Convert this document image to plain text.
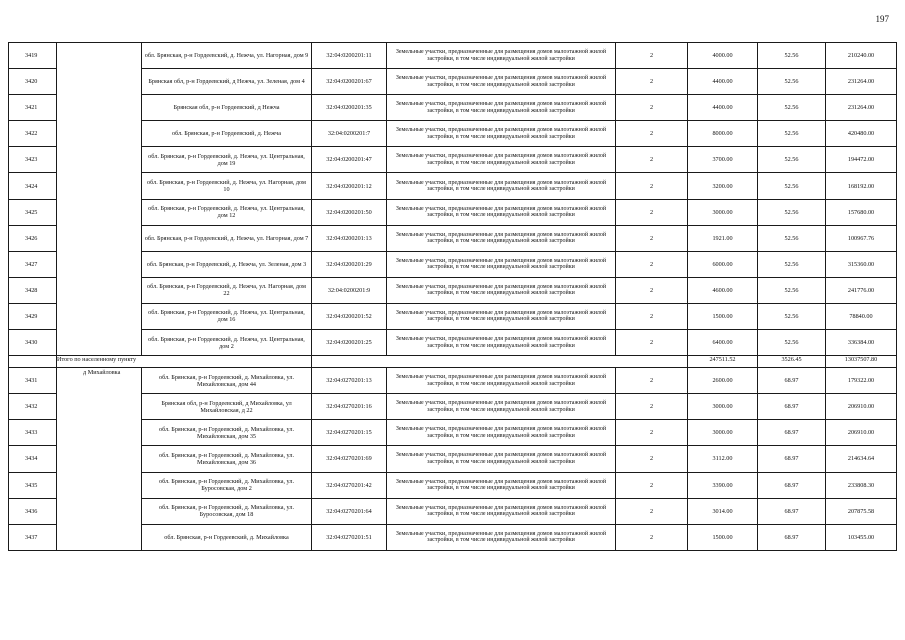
197
3419		обл. Брянская, р-н Гордеевский, д. Нежча, ул. Нагорная, дом 9	32:04:0200201:11	Земельные участки, предназначенные для размещения домов малоэтажной жилой застройки, в том числе индивидуальной жилой застройки	2	4000.00	52.56	210240.00
3420		Брянская обл, р-н Гордеевский, д Нежча, ул. Зеленая, дом 4	32:04:0200201:67	Земельные участки, предназначенные для размещения домов малоэтажной жилой застройки, в том числе индивидуальной жилой застройки	2	4400.00	52.56	231264.00
3421		Брянская обл, р-н Гордеевский, д Нежча	32:04:0200201:35	Земельные участки, предназначенные для размещения домов малоэтажной жилой застройки, в том числе индивидуальной жилой застройки	2	4400.00	52.56	231264.00
3422		обл. Брянская, р-н Гордеевский, д. Нежча	32:04:0200201:7	Земельные участки, предназначенные для размещения домов малоэтажной жилой застройки, в том числе индивидуальной жилой застройки	2	8000.00	52.56	420480.00
3423		обл. Брянская, р-н Гордеевский, д. Нежча, ул. Центральная, дом 19	32:04:0200201:47	Земельные участки, предназначенные для размещения домов малоэтажной жилой застройки, в том числе индивидуальной жилой застройки	2	3700.00	52.56	194472.00
3424		обл. Брянская, р-н Гордеевский, д. Нежча, ул. Нагорная, дом 10	32:04:0200201:12	Земельные участки, предназначенные для размещения домов малоэтажной жилой застройки, в том числе индивидуальной жилой застройки	2	3200.00	52.56	168192.00
3425		обл. Брянская, р-н Гордеевский, д. Нежча, ул. Центральная, дом 12	32:04:0200201:50	Земельные участки, предназначенные для размещения домов малоэтажной жилой застройки, в том числе индивидуальной жилой застройки	2	3000.00	52.56	157680.00
3426		обл. Брянская, р-н Гордеевский, д. Нежча, ул. Нагорная, дом 7	32:04:0200201:13	Земельные участки, предназначенные для размещения домов малоэтажной жилой застройки, в том числе индивидуальной жилой застройки	2	1921.00	52.56	100967.76
3427		обл. Брянская, р-н Гордеевский, д. Нежча, ул. Зеленая, дом 3	32:04:0200201:29	Земельные участки, предназначенные для размещения домов малоэтажной жилой застройки, в том числе индивидуальной жилой застройки	2	6000.00	52.56	315360.00
3428		обл. Брянская, р-н Гордеевский, д. Нежча, ул. Нагорная, дом 22	32:04:0200201:9	Земельные участки, предназначенные для размещения домов малоэтажной жилой застройки, в том числе индивидуальной жилой застройки	2	4600.00	52.56	241776.00
3429		обл. Брянская, р-н Гордеевский, д. Нежча, ул. Центральная, дом 16	32:04:0200201:52	Земельные участки, предназначенные для размещения домов малоэтажной жилой застройки, в том числе индивидуальной жилой застройки	2	1500.00	52.56	78840.00
3430		обл. Брянская, р-н Гордеевский, д. Нежча, ул. Центральная, дом 2	32:04:0200201:25	Земельные участки, предназначенные для размещения домов малоэтажной жилой застройки, в том числе индивидуальной жилой застройки	2	6400.00	52.56	336384.00
	Итого по населенному пункту					247511.52	3526.45	13037507.80
3431	д Михайловка	обл. Брянская, р-н Гордеевский, д. Михайловка, ул. Михайловская, дом 44	32:04:0270201:13	Земельные участки, предназначенные для размещения домов малоэтажной жилой застройки, в том числе индивидуальной жилой застройки	2	2600.00	68.97	179322.00
3432		Брянская обл, р-н Гордеевский, д Михайловка, ул Михайловская, д 22	32:04:0270201:16	Земельные участки, предназначенные для размещения домов малоэтажной жилой застройки, в том числе индивидуальной жилой застройки	2	3000.00	68.97	206910.00
3433		обл. Брянская, р-н Гордеевский, д. Михайловка, ул. Михайловская, дом 35	32:04:0270201:15	Земельные участки, предназначенные для размещения домов малоэтажной жилой застройки, в том числе индивидуальной жилой застройки	2	3000.00	68.97	206910.00
3434		обл. Брянская, р-н Гордеевский, д. Михайловка, ул. Михайловская, дом 36	32:04:0270201:69	Земельные участки, предназначенные для размещения домов малоэтажной жилой застройки, в том числе индивидуальной жилой застройки	2	3112.00	68.97	214634.64
3435		обл. Брянская, р-н Гордеевский, д. Михайловка, ул. Буросовская, дом 2	32:04:0270201:42	Земельные участки, предназначенные для размещения домов малоэтажной жилой застройки, в том числе индивидуальной жилой застройки	2	3390.00	68.97	233808.30
3436		обл. Брянская, р-н Гордеевский, д. Михайловка, ул. Буросовская, дом 18	32:04:0270201:64	Земельные участки, предназначенные для размещения домов малоэтажной жилой застройки, в том числе индивидуальной жилой застройки	2	3014.00	68.97	207875.58
3437		обл. Брянская, р-н Гордеевский, д. Михайловка	32:04:0270201:51	Земельные участки, предназначенные для размещения домов малоэтажной жилой застройки, в том числе индивидуальной жилой застройки	2	1500.00	68.97	103455.00
